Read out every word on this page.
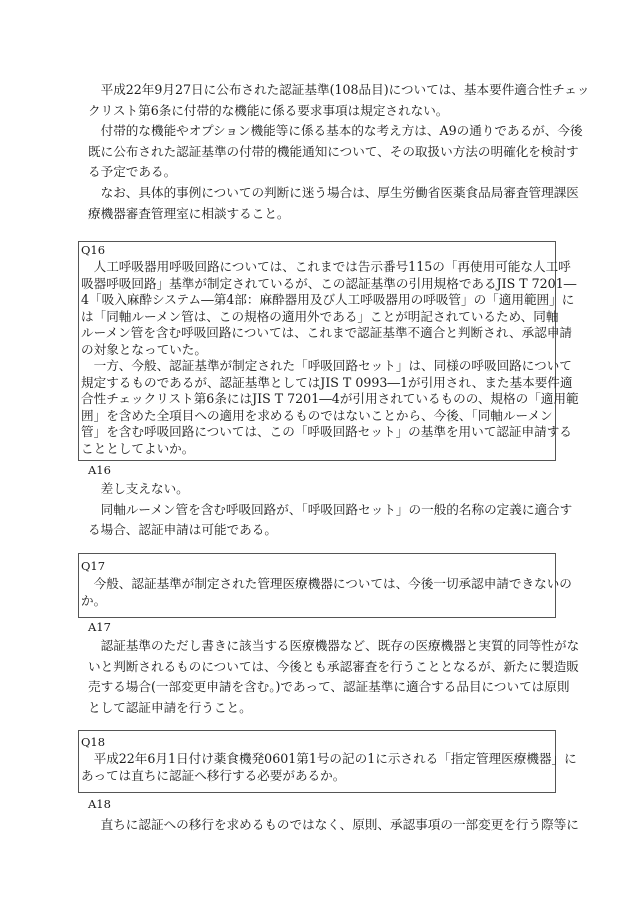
　平成22年9月27日に公布された認証基準(108品目)については、基本要件適合性チェッ
クリスト第6条に付帯的な機能に係る要求事項は規定されない。
　付帯的な機能やオプション機能等に係る基本的な考え方は、A9の通りであるが、今後
既に公布された認証基準の付帯的機能通知について、その取扱い方法の明確化を検討す
る予定である。
　なお、具体的事例についての判断に迷う場合は、厚生労働省医薬食品局審査管理課医
療機器審査管理室に相談すること。
Q16
　人工呼吸器用呼吸回路については、これまでは告示番号115の「再使用可能な人工呼
吸器呼吸回路」基準が制定されているが、この認証基準の引用規格であるJIS T 7201―
4「吸入麻酔システム―第4部：麻酔器用及び人工呼吸器用の呼吸管」の「適用範囲」に
は「同軸ルーメン管は、この規格の適用外である」ことが明記されているため、同軸
ルーメン管を含む呼吸回路については、これまで認証基準不適合と判断され、承認申請
の対象となっていた。
　一方、今般、認証基準が制定された「呼吸回路セット」は、同様の呼吸回路について
規定するものであるが、認証基準としてはJIS T 0993―1が引用され、また基本要件適
合性チェックリスト第6条にはJIS T 7201―4が引用されているものの、規格の「適用範
囲」を含めた全項目への適用を求めるものではないことから、今後、「同軸ルーメン
管」を含む呼吸回路については、この「呼吸回路セット」の基準を用いて認証申請する
こととしてよいか。
A16
　差し支えない。
　同軸ルーメン管を含む呼吸回路が、「呼吸回路セット」の一般的名称の定義に適合す
る場合、認証申請は可能である。
Q17
　今般、認証基準が制定された管理医療機器については、今後一切承認申請できないの
か。
A17
　認証基準のただし書きに該当する医療機器など、既存の医療機器と実質的同等性がな
いと判断されるものについては、今後とも承認審査を行うこととなるが、新たに製造販
売する場合(一部変更申請を含む。)であって、認証基準に適合する品目については原則
として認証申請を行うこと。
Q18
　平成22年6月1日付け薬食機発0601第1号の記の1に示される「指定管理医療機器」に
あっては直ちに認証へ移行する必要があるか。
A18
　直ちに認証への移行を求めるものではなく、原則、承認事項の一部変更を行う際等に
